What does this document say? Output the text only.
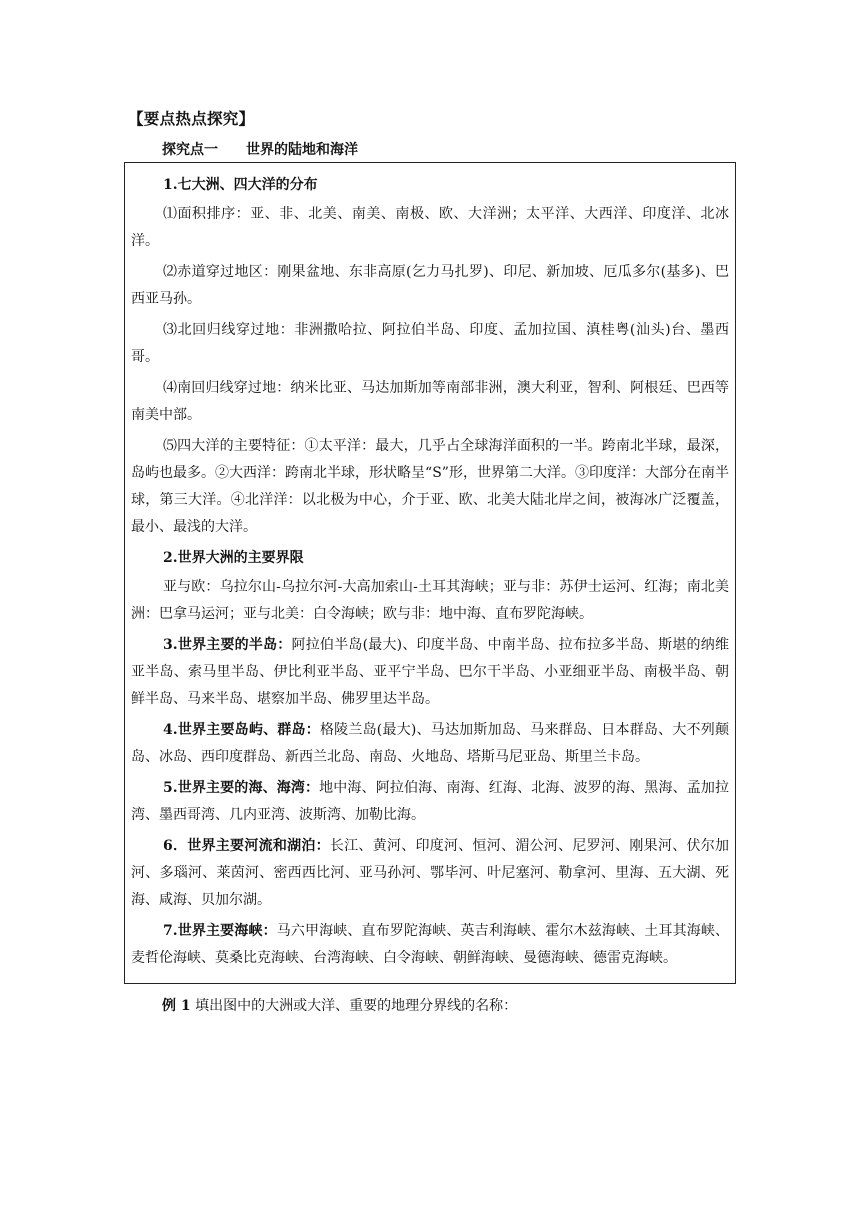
【要点热点探究】
探究点一　　世界的陆地和海洋

1.七大洲、四大洋的分布

⑴面积排序：亚、非、北美、南美、南极、欧、大洋洲；太平洋、大西洋、印度洋、北冰洋。

⑵赤道穿过地区：刚果盆地、东非高原(乞力马扎罗)、印尼、新加坡、厄瓜多尔(基多)、巴西亚马孙。

⑶北回归线穿过地：非洲撒哈拉、阿拉伯半岛、印度、孟加拉国、滇桂粤(汕头)台、墨西哥。

⑷南回归线穿过地：纳米比亚、马达加斯加等南部非洲，澳大利亚，智利、阿根廷、巴西等南美中部。

⑸四大洋的主要特征：①太平洋：最大，几乎占全球海洋面积的一半。跨南北半球，最深，岛屿也最多。②大西洋：跨南北半球，形状略呈“S”形，世界第二大洋。③印度洋：大部分在南半球，第三大洋。④北洋洋：以北极为中心，介于亚、欧、北美大陆北岸之间，被海冰广泛覆盖，最小、最浅的大洋。

2.世界大洲的主要界限

亚与欧：乌拉尔山-乌拉尔河-大高加索山-土耳其海峡；亚与非：苏伊士运河、红海；南北美洲：巴拿马运河；亚与北美：白令海峡；欧与非：地中海、直布罗陀海峡。

3.世界主要的半岛：阿拉伯半岛(最大)、印度半岛、中南半岛、拉布拉多半岛、斯堪的纳维亚半岛、索马里半岛、伊比利亚半岛、亚平宁半岛、巴尔干半岛、小亚细亚半岛、南极半岛、朝鲜半岛、马来半岛、堪察加半岛、佛罗里达半岛。

4.世界主要岛屿、群岛：格陵兰岛(最大)、马达加斯加岛、马来群岛、日本群岛、大不列颠岛、冰岛、西印度群岛、新西兰北岛、南岛、火地岛、塔斯马尼亚岛、斯里兰卡岛。

5.世界主要的海、海湾：地中海、阿拉伯海、南海、红海、北海、波罗的海、黑海、孟加拉湾、墨西哥湾、几内亚湾、波斯湾、加勒比海。

6．世界主要河流和湖泊：长江、黄河、印度河、恒河、湄公河、尼罗河、刚果河、伏尔加河、多瑙河、莱茵河、密西西比河、亚马孙河、鄂毕河、叶尼塞河、勒拿河、里海、五大湖、死海、咸海、贝加尔湖。

7.世界主要海峡：马六甲海峡、直布罗陀海峡、英吉利海峡、霍尔木兹海峡、土耳其海峡、麦哲伦海峡、莫桑比克海峡、台湾海峡、白令海峡、朝鲜海峡、曼德海峡、德雷克海峡。

例 1 填出图中的大洲或大洋、重要的地理分界线的名称：
